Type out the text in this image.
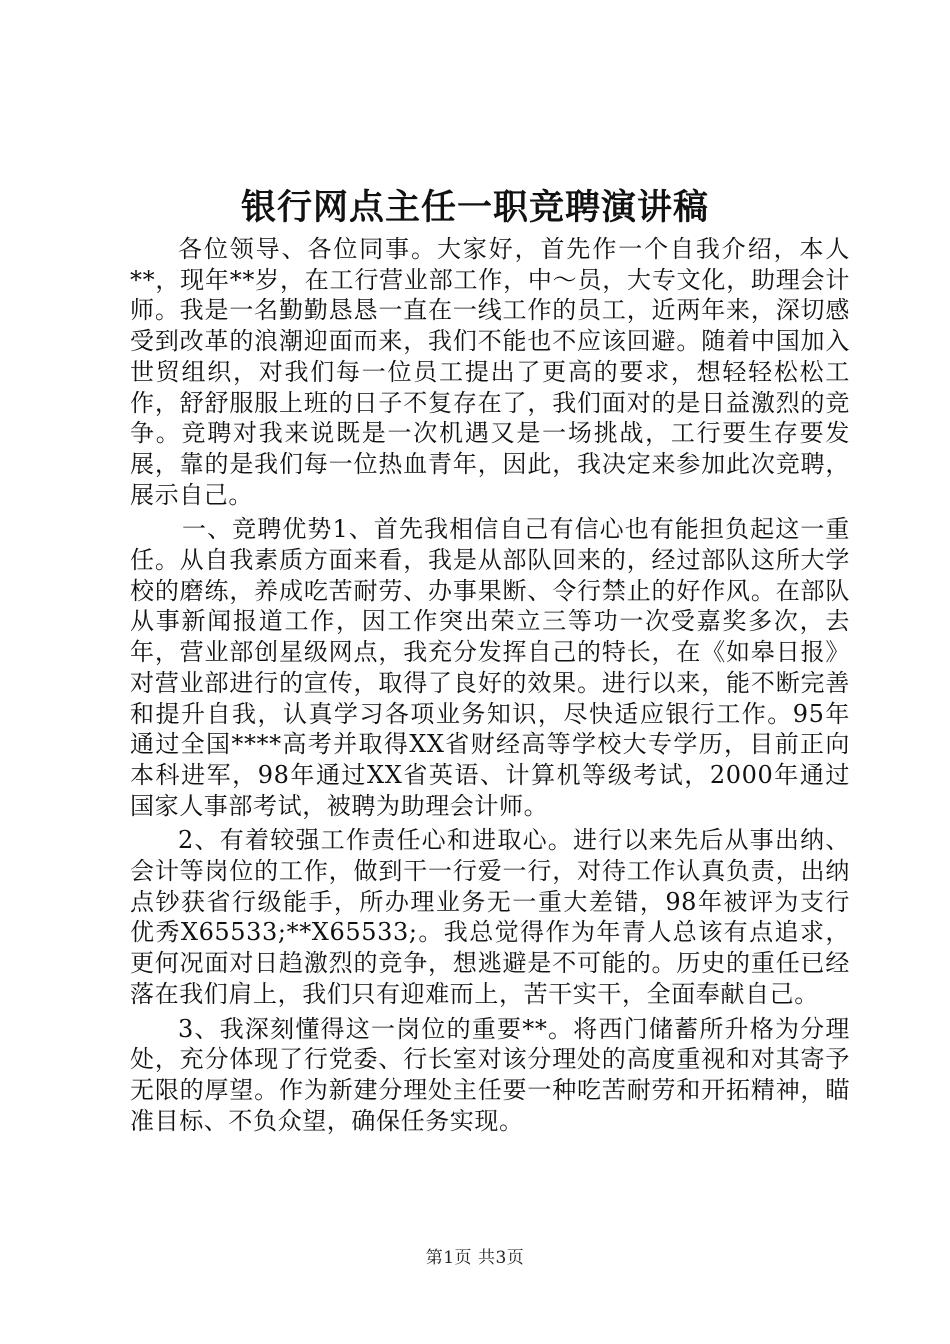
银行网点主任一职竞聘演讲稿

各位领导、各位同事。大家好，首先作一个自我介绍，本人**，现年**岁，在工行营业部工作，中～员，大专文化，助理会计师。我是一名勤勤恳恳一直在一线工作的员工，近两年来，深切感受到改革的浪潮迎面而来，我们不能也不应该回避。随着中国加入世贸组织，对我们每一位员工提出了更高的要求，想轻轻松松工作，舒舒服服上班的日子不复存在了，我们面对的是日益激烈的竞争。竞聘对我来说既是一次机遇又是一场挑战，工行要生存要发展，靠的是我们每一位热血青年，因此，我决定来参加此次竞聘，展示自己。

一、竞聘优势1、首先我相信自己有信心也有能担负起这一重任。从自我素质方面来看，我是从部队回来的，经过部队这所大学校的磨练，养成吃苦耐劳、办事果断、令行禁止的好作风。在部队从事新闻报道工作，因工作突出荣立三等功一次受嘉奖多次，去年，营业部创星级网点，我充分发挥自己的特长，在《如皋日报》对营业部进行的宣传，取得了良好的效果。进行以来，能不断完善和提升自我，认真学习各项业务知识，尽快适应银行工作。95年通过全国****高考并取得XX省财经高等学校大专学历，目前正向本科进军，98年通过XX省英语、计算机等级考试，2000年通过国家人事部考试，被聘为助理会计师。

2、有着较强工作责任心和进取心。进行以来先后从事出纳、会计等岗位的工作，做到干一行爱一行，对待工作认真负责，出纳点钞获省行级能手，所办理业务无一重大差错，98年被评为支行优秀X65533;**X65533;。我总觉得作为年青人总该有点追求，更何况面对日趋激烈的竞争，想逃避是不可能的。历史的重任已经落在我们肩上，我们只有迎难而上，苦干实干，全面奉献自己。

3、我深刻懂得这一岗位的重要**。将西门储蓄所升格为分理处，充分体现了行党委、行长室对该分理处的高度重视和对其寄予无限的厚望。作为新建分理处主任要一种吃苦耐劳和开拓精神，瞄准目标、不负众望，确保任务实现。

第1页 共3页
